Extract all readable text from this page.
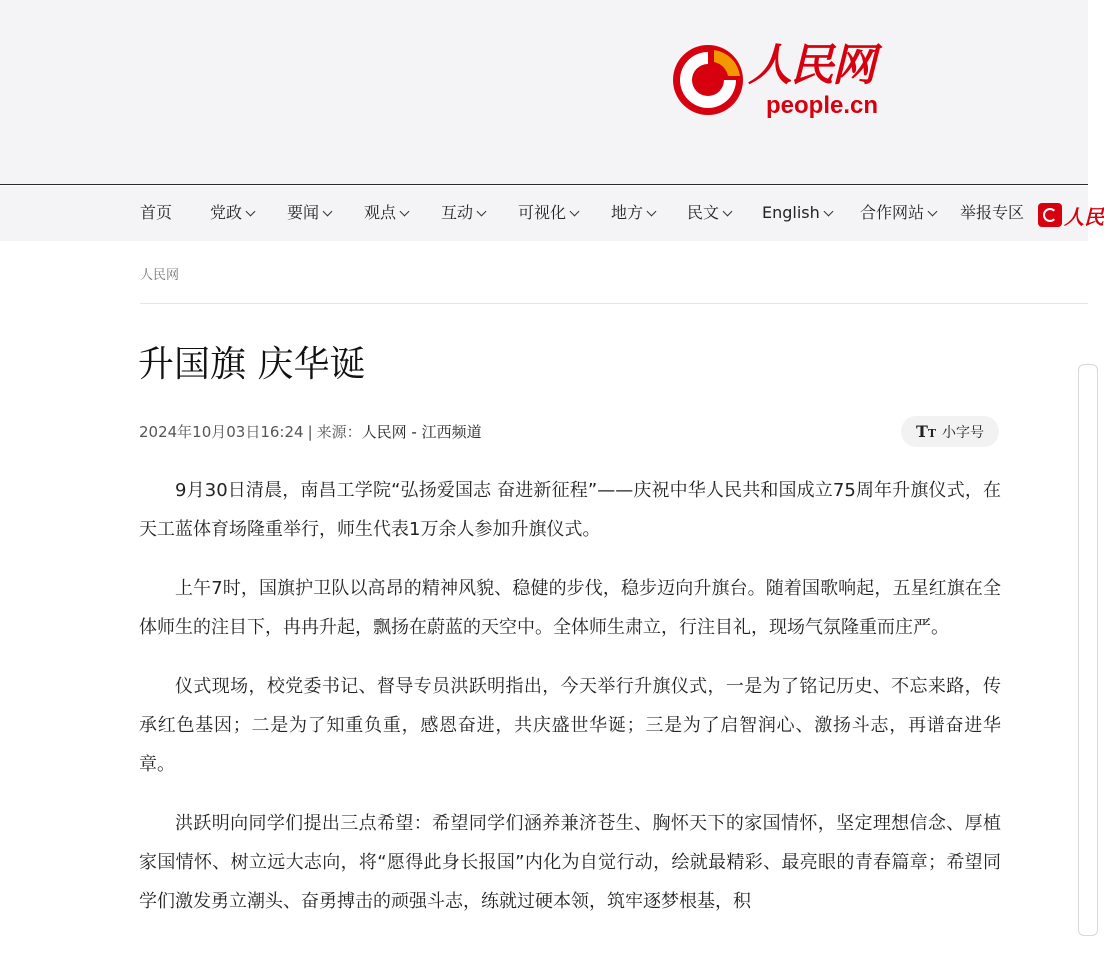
人民网
people.cn
首页 党政	要闻	观点	互动	可视化	地方	民文	English	合作网站	举报专区 人民
人民网
升国旗 庆华诞
2024年10月03日16:24 | 来源：人民网 - 江西频道	TT 小字号

9月30日清晨，南昌工学院“弘扬爱国志 奋进新征程”——庆祝中华人民共和国成立75周年升旗仪式，在天工蓝体育场隆重举行，师生代表1万余人参加升旗仪式。

上午7时，国旗护卫队以高昂的精神风貌、稳健的步伐，稳步迈向升旗台。随着国歌响起，五星红旗在全体师生的注目下，冉冉升起，飘扬在蔚蓝的天空中。全体师生肃立，行注目礼，现场气氛隆重而庄严。

仪式现场，校党委书记、督导专员洪跃明指出，今天举行升旗仪式，一是为了铭记历史、不忘来路，传承红色基因；二是为了知重负重，感恩奋进，共庆盛世华诞；三是为了启智润心、激扬斗志，再谱奋进华章。

洪跃明向同学们提出三点希望：希望同学们涵养兼济苍生、胸怀天下的家国情怀，坚定理想信念、厚植家国情怀、树立远大志向，将“愿得此身长报国”内化为自觉行动，绘就最精彩、最亮眼的青春篇章；希望同学们激发勇立潮头、奋勇搏击的顽强斗志，练就过硬本领，筑牢逐梦根基，积
